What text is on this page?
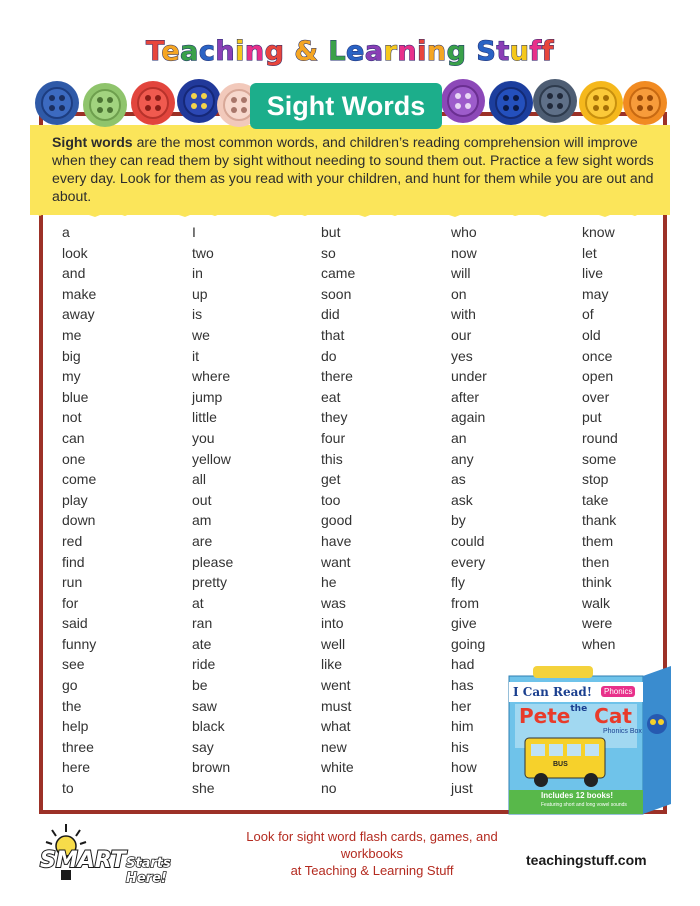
Teaching & Learning Stuff
Sight words are the most common words, and children’s reading comprehension will improve when they can read them by sight without needing to sound them out. Practice a few sight words every day. Look for them as you read with your children, and hunt for them while you are out and about.
Sight Words
a
look
and
make
away
me
big
my
blue
not
can
one
come
play
down
red
find
run
for
said
funny
see
go
the
help
three
here
to
I
two
in
up
is
we
it
where
jump
little
you
yellow
all
out
am
are
please
pretty
at
ran
ate
ride
be
saw
black
say
brown
she
but
so
came
soon
did
that
do
there
eat
they
four
this
get
too
good
have
want
he
was
into
well
like
went
must
what
new
white
no
who
now
will
on
with
our
yes
under
after
again
an
any
as
ask
by
could
every
fly
from
give
going
had
has
her
him
his
how
just
know
let
live
may
of
old
once
open
over
put
round
some
stop
take
thank
them
then
think
walk
were
when
I Can Read!	Phonics
Pete$^{the}$ Cat
Phonics Box
BUS
Includes 12 books!
Featuring short and long vowel sounds
SMART Starts Here!
Look for sight word flash cards, games, and workbooks
at Teaching & Learning Stuff
teachingstuff.com
